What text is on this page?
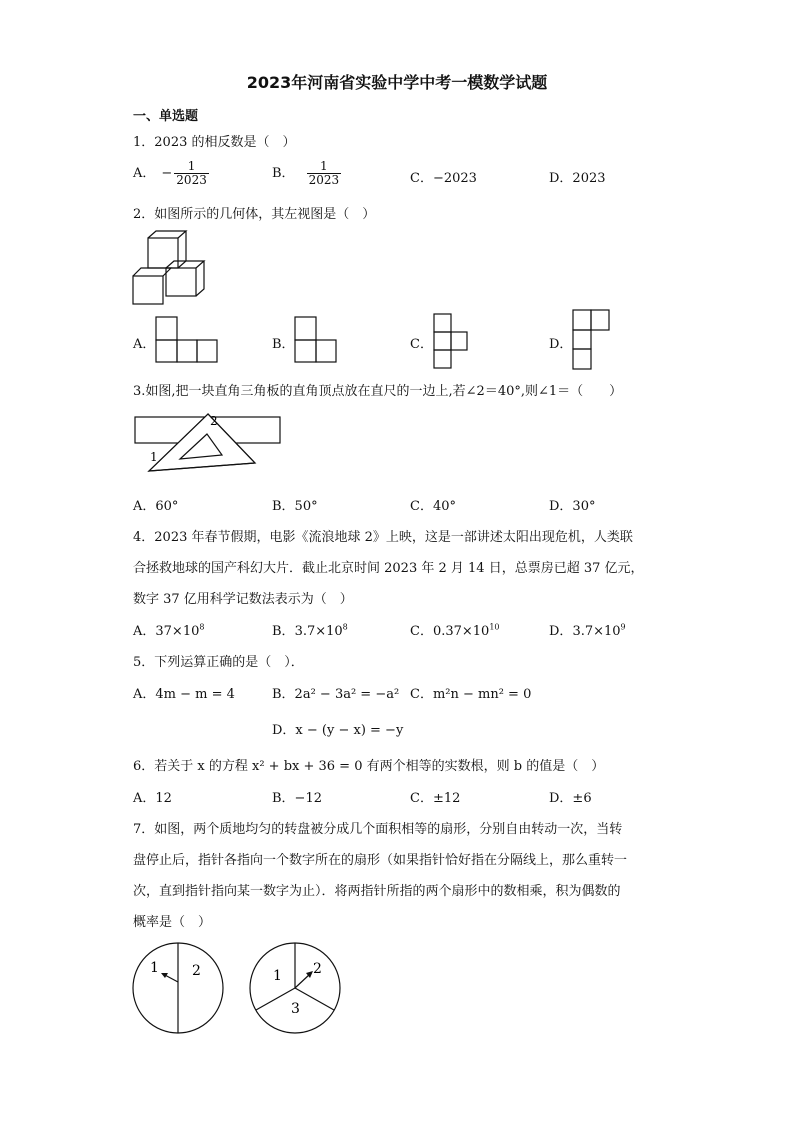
2023年河南省实验中学中考一模数学试题
一、单选题
1．2023 的相反数是（　）
A． − $\frac{1}{2023}$	B． $\frac{1}{2023}$	C．−2023	D．2023
2．如图所示的几何体，其左视图是（　）
A．	B．	C．	D．
3.如图,把一块直角三角板的直角顶点放在直尺的一边上,若∠2＝40°,则∠1＝（　　）
2
1
A．60°	B．50°	C．40°	D．30°
4．2023 年春节假期，电影《流浪地球 2》上映，这是一部讲述太阳出现危机，人类联
合拯救地球的国产科幻大片．截止北京时间 2023 年 2 月 14 日，总票房已超 37 亿元，
数字 37 亿用科学记数法表示为（　）
A．$37\times 10^8$	B．$3.7\times 10^8$	C．$0.37\times 10^{10}$	D．$3.7\times 10^9$
5．下列运算正确的是（　）．
A．4m − m = 4	B．2a² − 3a² = −a² C．m²n − mn² = 0
D．x − (y − x) = −y
6．若关于 x 的方程 x² + bx + 36 = 0 有两个相等的实数根，则 b 的值是（　）
A．12	B．−12	C．±12	D．±6
7．如图，两个质地均匀的转盘被分成几个面积相等的扇形，分别自由转动一次，当转
盘停止后，指针各指向一个数字所在的扇形（如果指针恰好指在分隔线上，那么重转一
次，直到指针指向某一数字为止）．将两指针所指的两个扇形中的数相乘，积为偶数的
概率是（　）
1 2	1 2
3
